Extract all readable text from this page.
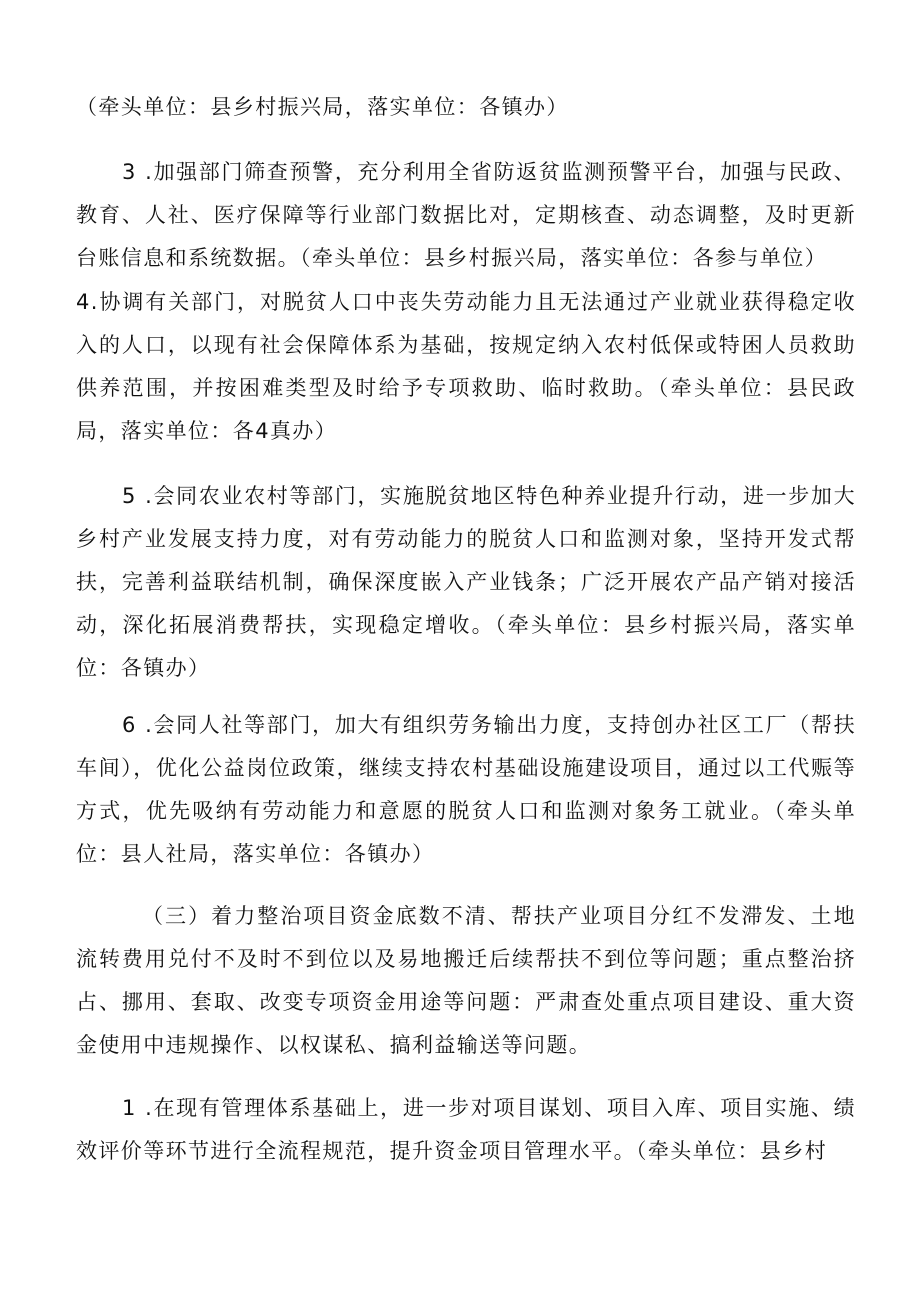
（牵头单位：县乡村振兴局，落实单位：各镇办）

3 .加强部门筛查预警，充分利用全省防返贫监测预警平台，加强与民政、教育、人社、医疗保障等行业部门数据比对，定期核查、动态调整，及时更新台账信息和系统数据。（牵头单位：县乡村振兴局，落实单位：各参与单位）

4.协调有关部门，对脱贫人口中丧失劳动能力且无法通过产业就业获得稳定收入的人口，以现有社会保障体系为基础，按规定纳入农村低保或特困人员救助供养范围，并按困难类型及时给予专项救助、临时救助。（牵头单位：县民政局，落实单位：各4真办）

5 .会同农业农村等部门，实施脱贫地区特色种养业提升行动，进一步加大乡村产业发展支持力度，对有劳动能力的脱贫人口和监测对象，坚持开发式帮扶，完善利益联结机制，确保深度嵌入产业钱条；广泛开展农产品产销对接活动，深化拓展消费帮扶，实现稳定增收。（牵头单位：县乡村振兴局，落实单位：各镇办）

6 .会同人社等部门，加大有组织劳务输出力度，支持创办社区工厂（帮扶车间），优化公益岗位政策，继续支持农村基础设施建设项目，通过以工代赈等方式，优先吸纳有劳动能力和意愿的脱贫人口和监测对象务工就业。（牵头单位：县人社局，落实单位：各镇办）

（三）着力整治项目资金底数不清、帮扶产业项目分红不发滞发、土地流转费用兑付不及时不到位以及易地搬迁后续帮扶不到位等问题；重点整治挤占、挪用、套取、改变专项资金用途等问题：严肃查处重点项目建设、重大资金使用中违规操作、以权谋私、搞利益输送等问题。

1 .在现有管理体系基础上，进一步对项目谋划、项目入库、项目实施、绩效评价等环节进行全流程规范，提升资金项目管理水平。（牵头单位：县乡村
